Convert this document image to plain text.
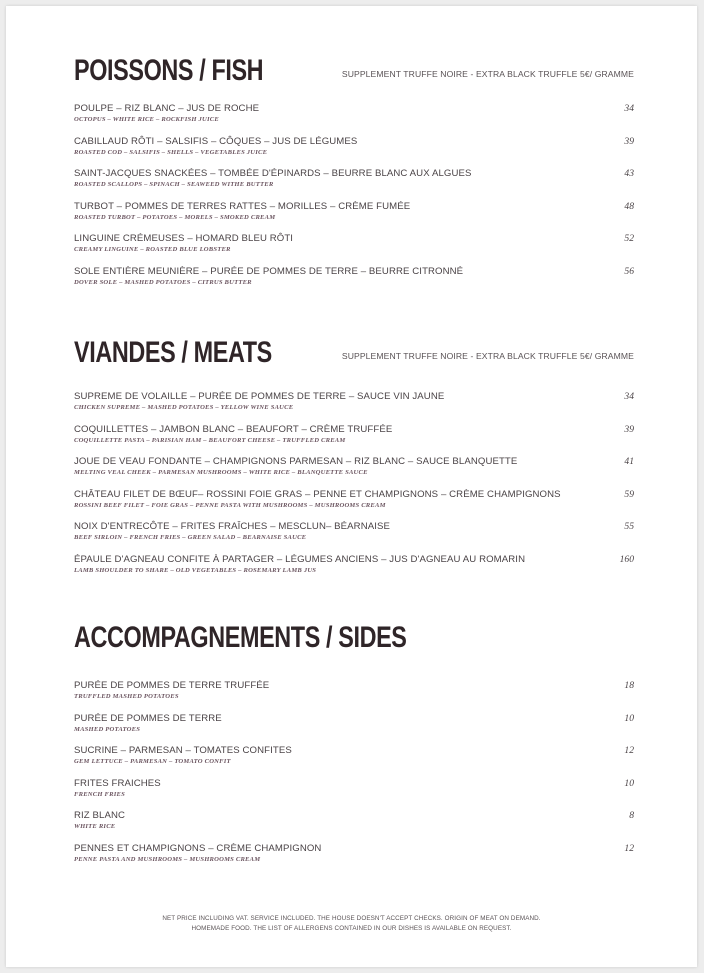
POISSONS / FISH	SUPPLEMENT TRUFFE NOIRE - EXTRA BLACK TRUFFLE 5€/ GRAMME
POULPE – RIZ BLANC – JUS DE ROCHE
OCTOPUS – WHITE RICE – ROCKFISH JUICE
34
CABILLAUD RÔTI – SALSIFIS – CÔQUES – JUS DE LÉGUMES
ROASTED COD – SALSIFIS – SHELLS – VEGETABLES JUICE
39
SAINT-JACQUES SNACKÉES – TOMBÉE D'ÉPINARDS – BEURRE BLANC AUX ALGUES
ROASTED SCALLOPS – SPINACH – SEAWEED WITHE BUTTER
43
TURBOT – POMMES DE TERRES RATTES – MORILLES – CRÈME FUMÉE
ROASTED TURBOT – POTATOES – MORELS – SMOKED CREAM
48
LINGUINE CRÉMEUSES – HOMARD BLEU RÔTI
CREAMY LINGUINE – ROASTED BLUE LOBSTER
52
SOLE ENTIÈRE MEUNIÈRE – PURÉE DE POMMES DE TERRE – BEURRE CITRONNÉ
DOVER SOLE – MASHED POTATOES – CITRUS BUTTER
56
VIANDES / MEATS	SUPPLEMENT TRUFFE NOIRE - EXTRA BLACK TRUFFLE 5€/ GRAMME
SUPREME DE VOLAILLE – PURÉE DE POMMES DE TERRE – SAUCE VIN JAUNE
CHICKEN SUPREME – MASHED POTATOES – YELLOW WINE SAUCE
34
COQUILLETTES – JAMBON BLANC – BEAUFORT – CRÈME TRUFFÉE
COQUILLETTE PASTA – PARISIAN HAM – BEAUFORT CHEESE – TRUFFLED CREAM
39
JOUE DE VEAU FONDANTE – CHAMPIGNONS PARMESAN – RIZ BLANC – SAUCE BLANQUETTE
MELTING VEAL CHEEK – PARMESAN MUSHROOMS – WHITE RICE – BLANQUETTE SAUCE
41
CHÂTEAU FILET DE BŒUF– ROSSINI FOIE GRAS – PENNE ET CHAMPIGNONS – CRÈME CHAMPIGNONS
ROSSINI BEEF FILET – FOIE GRAS – PENNE PASTA WITH MUSHROOMS – MUSHROOMS CREAM
59
NOIX D'ENTRECÔTE – FRITES FRAÎCHES – MESCLUN– BÉARNAISE
BEEF SIRLOIN – FRENCH FRIES – GREEN SALAD – BEARNAISE SAUCE
55
ÉPAULE D'AGNEAU CONFITE À PARTAGER – LÉGUMES ANCIENS – JUS D'AGNEAU AU ROMARIN
LAMB SHOULDER TO SHARE – OLD VEGETABLES – ROSEMARY LAMB JUS
160
ACCOMPAGNEMENTS / SIDES
PURÉE DE POMMES DE TERRE TRUFFÉE
TRUFFLED MASHED POTATOES
18
PURÉE DE POMMES DE TERRE
MASHED POTATOES
10
SUCRINE – PARMESAN – TOMATES CONFITES
GEM LETTUCE – PARMESAN – TOMATO CONFIT
12
FRITES FRAICHES
FRENCH FRIES
10
RIZ BLANC
WHITE RICE
8
PENNES ET CHAMPIGNONS – CRÈME CHAMPIGNON
PENNE PASTA AND MUSHROOMS – MUSHROOMS CREAM
12
NET PRICE INCLUDING VAT. SERVICE INCLUDED. THE HOUSE DOESN'T ACCEPT CHECKS. ORIGIN OF MEAT ON DEMAND.
HOMEMADE FOOD. THE LIST OF ALLERGENS CONTAINED IN OUR DISHES IS AVAILABLE ON REQUEST.
